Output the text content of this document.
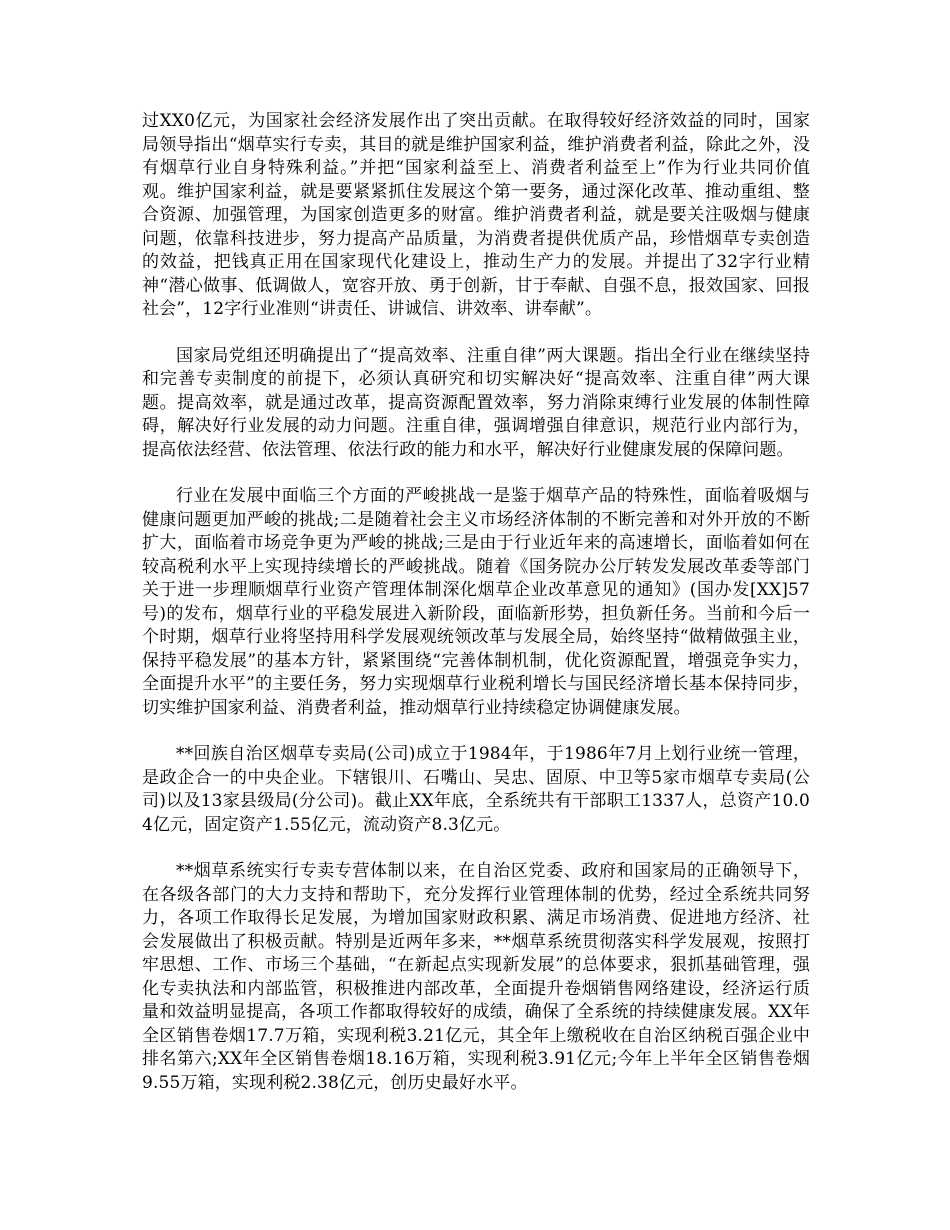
过XX0亿元，为国家社会经济发展作出了突出贡献。在取得较好经济效益的同时，国家局领导指出“烟草实行专卖，其目的就是维护国家利益，维护消费者利益，除此之外，没有烟草行业自身特殊利益。”并把“国家利益至上、消费者利益至上”作为行业共同价值观。维护国家利益，就是要紧紧抓住发展这个第一要务，通过深化改革、推动重组、整合资源、加强管理，为国家创造更多的财富。维护消费者利益，就是要关注吸烟与健康问题，依靠科技进步，努力提高产品质量，为消费者提供优质产品，珍惜烟草专卖创造的效益，把钱真正用在国家现代化建设上，推动生产力的发展。并提出了32字行业精神“潜心做事、低调做人，宽容开放、勇于创新，甘于奉献、自强不息，报效国家、回报社会”，12字行业准则“讲责任、讲诚信、讲效率、讲奉献”。

国家局党组还明确提出了“提高效率、注重自律”两大课题。指出全行业在继续坚持和完善专卖制度的前提下，必须认真研究和切实解决好“提高效率、注重自律”两大课题。提高效率，就是通过改革，提高资源配置效率，努力消除束缚行业发展的体制性障碍，解决好行业发展的动力问题。注重自律，强调增强自律意识，规范行业内部行为，提高依法经营、依法管理、依法行政的能力和水平，解决好行业健康发展的保障问题。

行业在发展中面临三个方面的严峻挑战一是鉴于烟草产品的特殊性，面临着吸烟与健康问题更加严峻的挑战;二是随着社会主义市场经济体制的不断完善和对外开放的不断扩大，面临着市场竞争更为严峻的挑战;三是由于行业近年来的高速增长，面临着如何在较高税利水平上实现持续增长的严峻挑战。随着《国务院办公厅转发发展改革委等部门关于进一步理顺烟草行业资产管理体制深化烟草企业改革意见的通知》(国办发[XX]57号)的发布，烟草行业的平稳发展进入新阶段，面临新形势，担负新任务。当前和今后一个时期，烟草行业将坚持用科学发展观统领改革与发展全局，始终坚持“做精做强主业，保持平稳发展”的基本方针，紧紧围绕“完善体制机制，优化资源配置，增强竞争实力，全面提升水平”的主要任务，努力实现烟草行业税利增长与国民经济增长基本保持同步，切实维护国家利益、消费者利益，推动烟草行业持续稳定协调健康发展。

**回族自治区烟草专卖局(公司)成立于1984年，于1986年7月上划行业统一管理，是政企合一的中央企业。下辖银川、石嘴山、吴忠、固原、中卫等5家市烟草专卖局(公司)以及13家县级局(分公司)。截止XX年底，全系统共有干部职工1337人，总资产10.04亿元，固定资产1.55亿元，流动资产8.3亿元。

**烟草系统实行专卖专营体制以来，在自治区党委、政府和国家局的正确领导下，在各级各部门的大力支持和帮助下，充分发挥行业管理体制的优势，经过全系统共同努力，各项工作取得长足发展，为增加国家财政积累、满足市场消费、促进地方经济、社会发展做出了积极贡献。特别是近两年多来，**烟草系统贯彻落实科学发展观，按照打牢思想、工作、市场三个基础，“在新起点实现新发展”的总体要求，狠抓基础管理，强化专卖执法和内部监管，积极推进内部改革，全面提升卷烟销售网络建设，经济运行质量和效益明显提高，各项工作都取得较好的成绩，确保了全系统的持续健康发展。XX年全区销售卷烟17.7万箱，实现利税3.21亿元，其全年上缴税收在自治区纳税百强企业中排名第六;XX年全区销售卷烟18.16万箱，实现利税3.91亿元;今年上半年全区销售卷烟9.55万箱，实现利税2.38亿元，创历史最好水平。
